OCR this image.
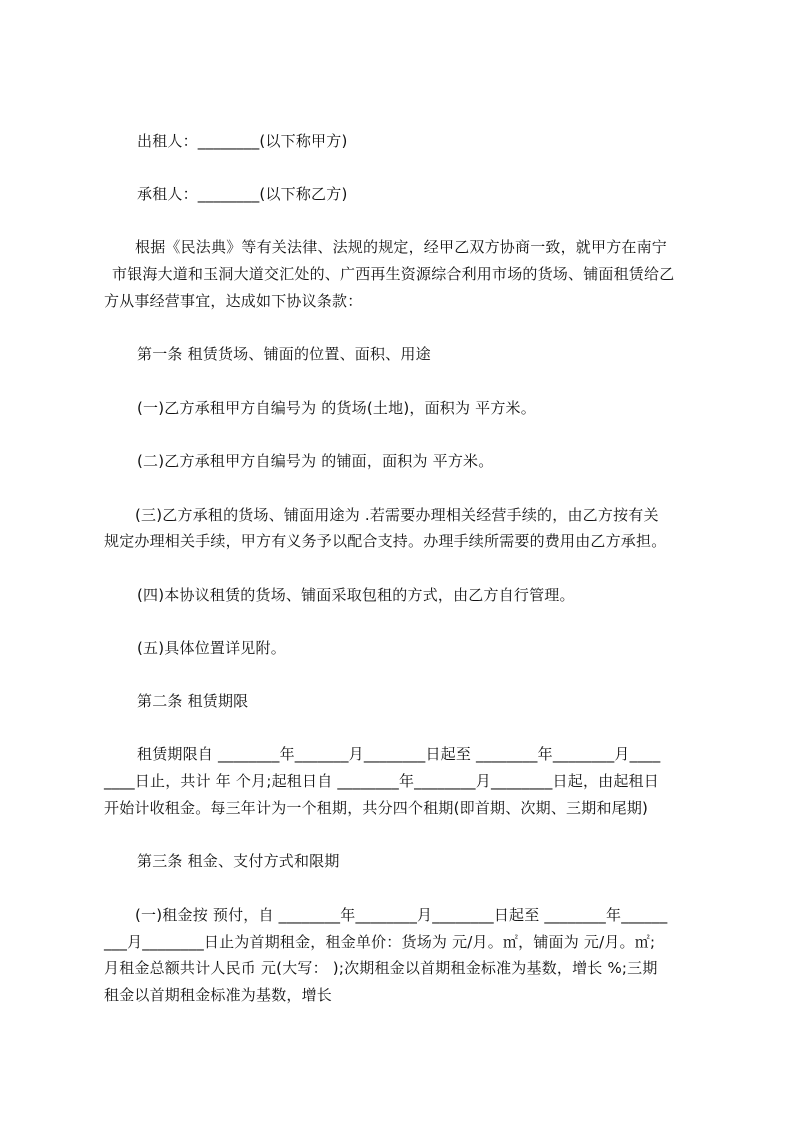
出租人：________(以下称甲方)
承租人：________(以下称乙方)
根据《民法典》等有关法律、法规的规定，经甲乙双方协商一致，就甲方在南宁
市银海大道和玉洞大道交汇处的、广西再生资源综合利用市场的货场、铺面租赁给乙
方从事经营事宜，达成如下协议条款：
第一条 租赁货场、铺面的位置、面积、用途
(一)乙方承租甲方自编号为 的货场(土地)，面积为 平方米。
(二)乙方承租甲方自编号为 的铺面，面积为 平方米。
(三)乙方承租的货场、铺面用途为 .若需要办理相关经营手续的，由乙方按有关
规定办理相关手续，甲方有义务予以配合支持。办理手续所需要的费用由乙方承担。
(四)本协议租赁的货场、铺面采取包租的方式，由乙方自行管理。
(五)具体位置详见附。
第二条 租赁期限
租赁期限自 ________年_______月________日起至 ________年________月____
____日止，共计 年 个月;起租日自 ________年________月________日起，由起租日
开始计收租金。每三年计为一个租期，共分四个租期(即首期、次期、三期和尾期)
第三条 租金、支付方式和限期
(一)租金按 预付，自 ________年________月________日起至 ________年______
___月________日止为首期租金，租金单价：货场为 元/月。㎡，铺面为 元/月。㎡;
月租金总额共计人民币 元(大写： );次期租金以首期租金标准为基数，增长 %;三期
租金以首期租金标准为基数，增长
